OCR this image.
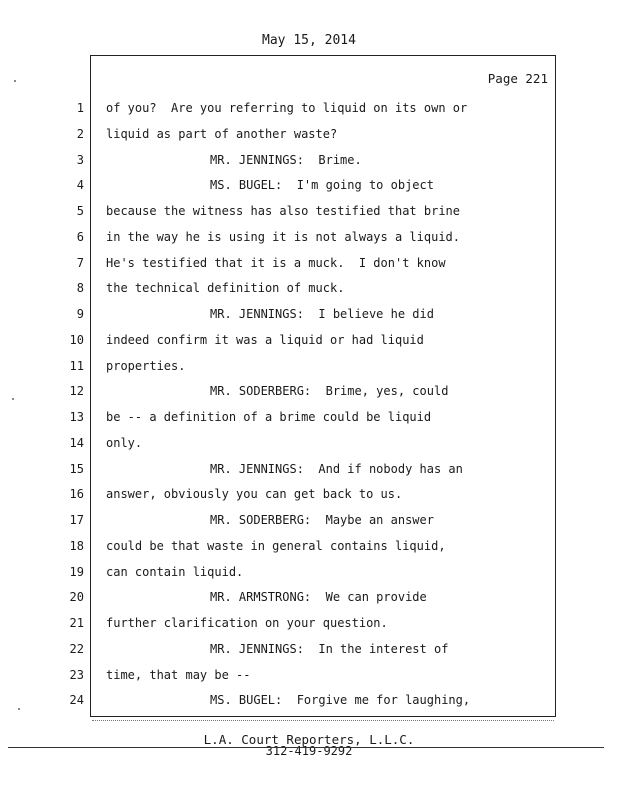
May 15, 2014
Page 221
1 of you?  Are you referring to liquid on its own or
2 liquid as part of another waste?
3	MR. JENNINGS:  Brime.
4	MS. BUGEL:  I'm going to object
5 because the witness has also testified that brine
6 in the way he is using it is not always a liquid.
7 He's testified that it is a muck.  I don't know
8 the technical definition of muck.
9	MR. JENNINGS:  I believe he did
10 indeed confirm it was a liquid or had liquid
11 properties.
12	MR. SODERBERG:  Brime, yes, could
13 be -- a definition of a brime could be liquid
14 only.
15	MR. JENNINGS:  And if nobody has an
16 answer, obviously you can get back to us.
17	MR. SODERBERG:  Maybe an answer
18 could be that waste in general contains liquid,
19 can contain liquid.
20	MR. ARMSTRONG:  We can provide
21 further clarification on your question.
22	MR. JENNINGS:  In the interest of
23 time, that may be --
24	MS. BUGEL:  Forgive me for laughing,
L.A. Court Reporters, L.L.C.
312-419-9292
